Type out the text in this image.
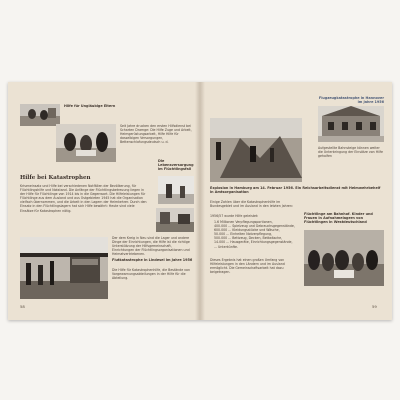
Hilfe für Ungläubige Eltern
Seit Jahre drucken den ersten Hilfsdienst bei Scharten Dramge: Die Hilfe Zuge und Arbeit, Heimgerüstungsarbeit, Hilfe Hilfe für dasselbigen Versorgungen, Bettenschlafungsdeutsch u. d.
Die Lebensversorgung im Flüchtlingsfall
Hilfe bei Katastrophen
Kriseneinsatz und Hilfe bei verschiedenen Notfällen der Bevölkerung, für Flüchtlingshilfe und Notstand. Die Anfänge der Flüchtlingsbetreuung liegen in der Hilfe für Flüchtlinge von 1914 bis in die Gegenwart. Die Hilfeleistungen für Flüchtlinge aus dem Ausland und aus Ostgebieten 1945 hat die Organisation vielfach übernommen, und die Arbeit in den Lagern der Heimkehrer. Durch den Einsatz in den Flüchtlingslagern hat sich Hilfe bewährt: Heute sind viele Einsätze für Katastrophen nötig.
Der dem Kreig in Neu sind die Lager und andere Dinge der Einrichtungen, die Hilfe ist die richtige Unterstützung der Hilfsgemeinschaft, Einrichtungen der Flüchtlingsorganisationen und Heimatvertriebenen.
Flutkatastrophe in Lindesel im Jahre 1956
Die Hilfe für Katastrophenhilfe, die Bestände von Vorgewarnungsabteilungen in der Hilfe für die Abteilung.
58
Flugzeugkatastrophe in Hannover im Jahre 1956
Aufgestellte Bahnsteige können weiter die Unterbringung der Einsätze von Hilfe geholfen
Explosion in Hamburg am 14. Februar 1956. Ein Reichsarbeitsdienst mit Heimwehrbehelf in Amtsorganisation
Einige Zahlen über die Katastrophenhilfe im Bundesgebiet und im Ausland in den letzten Jahren:
1956/57 wurde Hilfe geleistet:
1.6 Millionen Verpflegungsportionen,
400.000 ... Spielzeug und Gebrauchsgegenstände,
600.000 ... Kleidungsstücke und Wäsche,
50.000 ... Einheiten Notverpflegung,
500.000 ... Bettzeug, Decken, Bettwäsche,
14.000 ... Hausgeräte, Einrichtungsgegenstände,
... Unterkünfte.
Flüchtlinge am Bahnhof. Kinder und Frauen in Aufnahmelagern von Flüchtlingen in Westdeutschland
Dieses Ergebnis hat einen großen Umfang von Hilfeleistungen in den Ländern und im Ausland ermöglicht. Die Gemeinschaftsarbeit hat dazu beigetragen.
59
